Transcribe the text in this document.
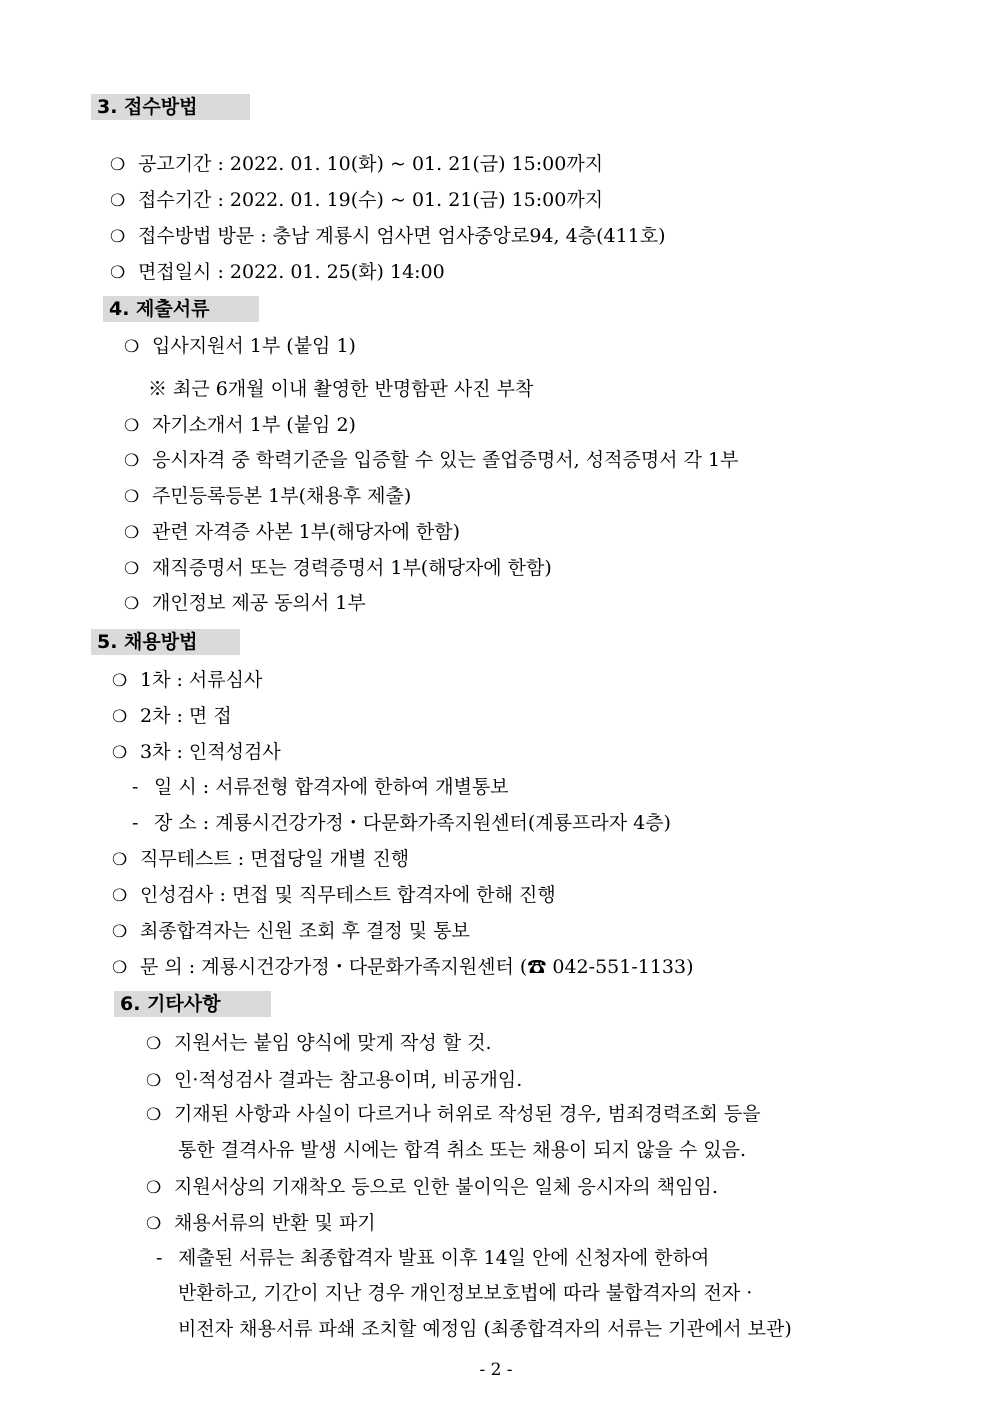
3. 접수방법
❍ 공고기간 : 2022. 01. 10(화) ~ 01. 21(금) 15:00까지
❍ 접수기간 : 2022. 01. 19(수) ~ 01. 21(금) 15:00까지
❍ 접수방법 방문 : 충남 계룡시 엄사면 엄사중앙로94, 4층(411호)
❍ 면접일시 : 2022. 01. 25(화) 14:00
4. 제출서류
❍ 입사지원서 1부 (붙임 1)
※ 최근 6개월 이내 촬영한 반명함판 사진 부착
❍ 자기소개서 1부 (붙임 2)
❍ 응시자격 중 학력기준을 입증할 수 있는 졸업증명서, 성적증명서 각 1부
❍ 주민등록등본 1부(채용후 제출)
❍ 관련 자격증 사본 1부(해당자에 한함)
❍ 재직증명서 또는 경력증명서 1부(해당자에 한함)
❍ 개인정보 제공 동의서 1부
5. 채용방법
❍ 1차 : 서류심사
❍ 2차 : 면 접
❍ 3차 : 인적성검사
- 일 시 : 서류전형 합격자에 한하여 개별통보
- 장 소 : 계룡시건강가정・다문화가족지원센터(계룡프라자 4층)
❍ 직무테스트 : 면접당일 개별 진행
❍ 인성검사 : 면접 및 직무테스트 합격자에 한해 진행
❍ 최종합격자는 신원 조회 후 결정 및 통보
❍ 문 의 : 계룡시건강가정・다문화가족지원센터 (☎ 042-551-1133)
6. 기타사항
❍ 지원서는 붙임 양식에 맞게 작성 할 것.
❍ 인·적성검사 결과는 참고용이며, 비공개임.
❍ 기재된 사항과 사실이 다르거나 허위로 작성된 경우, 범죄경력조회 등을
통한 결격사유 발생 시에는 합격 취소 또는 채용이 되지 않을 수 있음.
❍ 지원서상의 기재착오 등으로 인한 불이익은 일체 응시자의 책임임.
❍ 채용서류의 반환 및 파기
- 제출된 서류는 최종합격자 발표 이후 14일 안에 신청자에 한하여
반환하고, 기간이 지난 경우 개인정보보호법에 따라 불합격자의 전자 ·
비전자 채용서류 파쇄 조치할 예정임 (최종합격자의 서류는 기관에서 보관)
- 2 -
